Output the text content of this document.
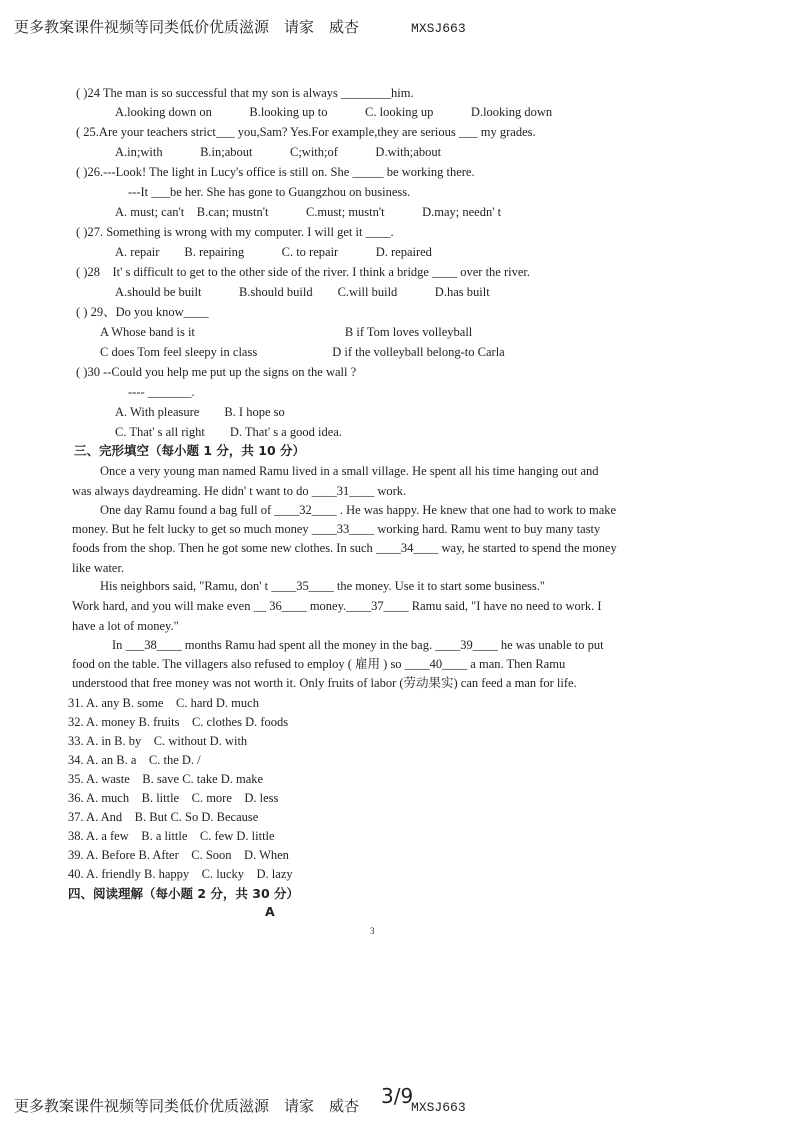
更多教案课件视频等同类低价优质滋源　请家　威杏	MXSJ663
( )24 The man is so successful that my son is always ________him.
A.looking down on　　　B.looking up to　　　C. looking up　　　D.looking down
( 25.Are your teachers strict___ you,Sam? Yes.For example,they are serious ___ my grades.
A.in;with　　　B.in;about　　　C;with;of　　　D.with;about
( )26.---Look! The light in Lucy's office is still on. She _____ be working there.
---It ___be her. She has gone to Guangzhou on business.
A. must; can't　B.can; mustn't　　　C.must; mustn't　　　D.may; needn' t
( )27. Something is wrong with my computer. I will get it ____.
A. repair　　B. repairing　　　C. to repair　　　D. repaired
( )28　It' s difficult to get to the other side of the river. I think a bridge ____ over the river.
A.should be built　　　B.should build　　C.will build　　　D.has built
( ) 29、Do you know____
A Whose band is it　　　　　　　　　　　　B if Tom loves volleyball
C does Tom feel sleepy in class　　　　　　D if the volleyball belong-to Carla
( )30 --Could you help me put up the signs on the wall ?
---- _______.
A. With pleasure　　B. I hope so
C. That' s all right　　D. That' s a good idea.
三、完形填空（每小题 1 分，共 10 分）
Once a very young man named Ramu lived in a small village. He spent all his time hanging out and
was always daydreaming. He didn' t want to do ____31____ work.
One day Ramu found a bag full of ____32____ . He was happy. He knew that one had to work to make
money. But he felt lucky to get so much money ____33____ working hard. Ramu went to buy many tasty
foods from the shop. Then he got some new clothes. In such ____34____ way, he started to spend the money
like water.
His neighbors said, "Ramu, don' t ____35____ the money. Use it to start some business."
Work hard, and you will make even __ 36____ money.____37____ Ramu said, "I have no need to work. I
have a lot of money."
In ___38____ months Ramu had spent all the money in the bag. ____39____ he was unable to put
food on the table. The villagers also refused to employ ( 雇用 ) so ____40____ a man. Then Ramu
understood that free money was not worth it. Only fruits of labor (劳动果实) can feed a man for life.
31. A. any B. some　C. hard D. much
32. A. money B. fruits　C. clothes D. foods
33. A. in B. by　C. without D. with
34. A. an B. a　C. the D. /
35. A. waste　B. save C. take D. make
36. A. much　B. little　C. more　D. less
37. A. And　B. But C. So D. Because
38. A. a few　B. a little　C. few D. little
39. A. Before B. After　C. Soon　D. When
40. A. friendly B. happy　C. lucky　D. lazy
四、阅读理解（每小题 2 分，共 30 分）
A
3
更多教案课件视频等同类低价优质滋源　请家　威杏	MXSJ663
3/9
